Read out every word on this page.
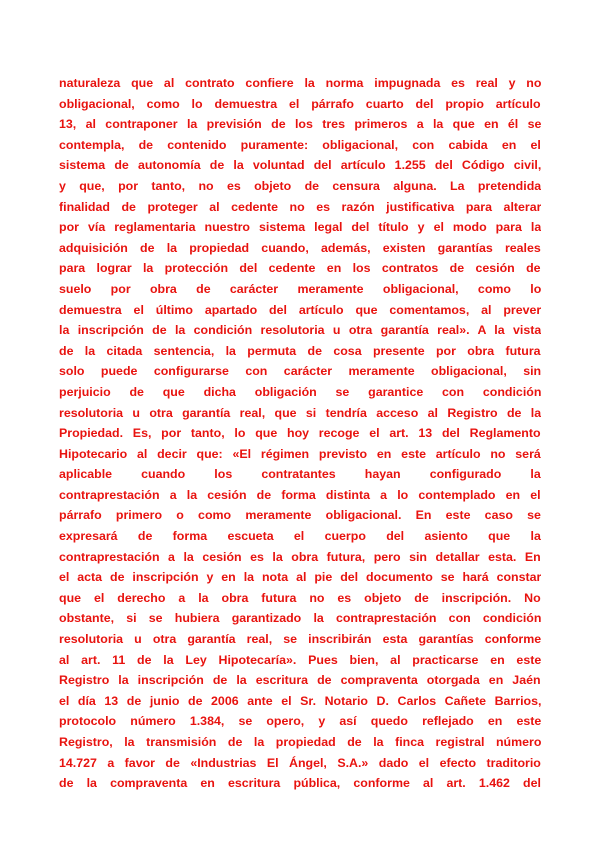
naturaleza que al contrato confiere la norma impugnada es real y no
obligacional, como lo demuestra el párrafo cuarto del propio artículo
13, al contraponer la previsión de los tres primeros a la que en él se
contempla, de contenido puramente: obligacional, con cabida en el
sistema de autonomía de la voluntad del artículo 1.255 del Código civil,
y que, por tanto, no es objeto de censura alguna. La pretendida
finalidad de proteger al cedente no es razón justificativa para alterar
por vía reglamentaria nuestro sistema legal del título y el modo para la
adquisición de la propiedad cuando, además, existen garantías reales
para lograr la protección del cedente en los contratos de cesión de
suelo por obra de carácter meramente obligacional, como lo
demuestra el último apartado del artículo que comentamos, al prever
la inscripción de la condición resolutoria u otra garantía real». A la vista
de la citada sentencia, la permuta de cosa presente por obra futura
solo puede configurarse con carácter meramente obligacional, sin
perjuicio de que dicha obligación se garantice con condición
resolutoria u otra garantía real, que si tendría acceso al Registro de la
Propiedad. Es, por tanto, lo que hoy recoge el art. 13 del Reglamento
Hipotecario al decir que: «El régimen previsto en este artículo no será
aplicable cuando los contratantes hayan configurado la
contraprestación a la cesión de forma distinta a lo contemplado en el
párrafo primero o como meramente obligacional. En este caso se
expresará de forma escueta el cuerpo del asiento que la
contraprestación a la cesión es la obra futura, pero sin detallar esta. En
el acta de inscripción y en la nota al pie del documento se hará constar
que el derecho a la obra futura no es objeto de inscripción. No
obstante, si se hubiera garantizado la contraprestación con condición
resolutoria u otra garantía real, se inscribirán esta garantías conforme
al art. 11 de la Ley Hipotecaría». Pues bien, al practicarse en este
Registro la inscripción de la escritura de compraventa otorgada en Jaén
el día 13 de junio de 2006 ante el Sr. Notario D. Carlos Cañete Barrios,
protocolo número 1.384, se opero, y así quedo reflejado en este
Registro, la transmisión de la propiedad de la finca registral número
14.727 a favor de «Industrias El Ángel, S.A.» dado el efecto traditorio
de la compraventa en escritura pública, conforme al art. 1.462 del
